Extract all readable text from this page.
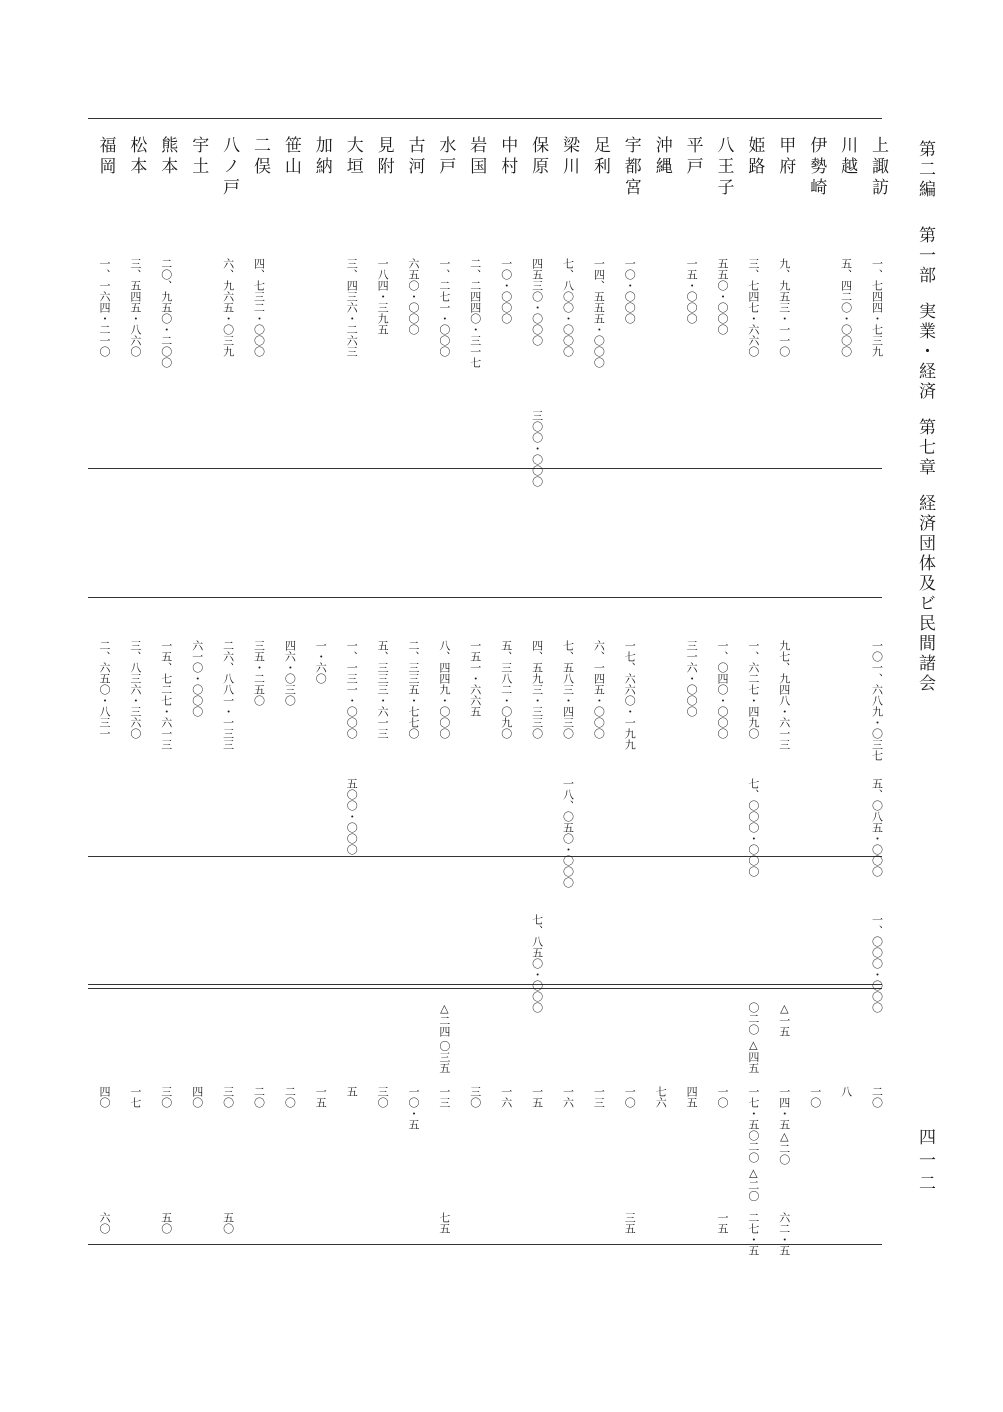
第二編第一部実業・経済第七章経済団体及ビ民間諸会
四一二
上諏訪
一、七四四・七三九
一〇一、六八九・〇三七
五、〇八五・〇〇〇
一、〇〇〇・〇〇〇
二〇
川越
五、四二〇・〇〇〇
八
伊勢崎
一〇
甲府
九、九五三・一一〇
九七、九四八・六一三
△一五
一四・五
△二〇
六二・五
姫路
三、七四七・六六〇
一、六二七・四九〇
七、〇〇〇・〇〇〇
〇二〇 △四五
一七・五
〇二〇 △二〇
二七・五
八王子
五五〇・〇〇〇
一、〇四〇・〇〇〇
一〇
一五
平戸
一五・〇〇〇
三一六・〇〇〇
四五
沖縄
七六
宇都宮
一〇・〇〇〇
一七、六六〇・一九九
一〇
三五
足利
一四、五五五・〇〇〇
六、一四五・〇〇〇
一三
梁川
七、八〇〇・〇〇〇
七、五八三・四三〇
一八、〇五〇・〇〇〇
一六
保原
四五三〇・〇〇〇
三〇〇・〇〇〇
四、五九三・三三〇
七、八五〇・〇〇〇
一五
中村
一〇・〇〇〇
五、三八二・〇九〇
一六
岩国
二、二四四〇・三一七
一五一・六六五
三〇
水戸
一、二七一・〇〇〇
八、四四九・〇〇〇
△二四 〇三五
一三
七五
古河
六五〇・〇〇〇
二、三三五・七七〇
一〇・五
見附
一八四・三九五
五、三三三・六一三
三〇
大垣
三、四三六・二六三
一、一三一・〇〇〇
五〇〇・〇〇〇
五
加納
一・六〇
一五
笹山
四六・〇三〇
二〇
二俣
四、七三二・〇〇〇
三五・二五〇
二〇
八ノ戸
六、九六五・〇三九
二六、八八一・一三三
三〇
五〇
宇土
六一〇・〇〇〇
四〇
熊本
二〇、九五〇・二〇〇
一五、七二七・六一三
三〇
五〇
松本
三、五四五・八六〇
三、八三六・三六〇
一七
福岡
一、一六四・二一〇
二、六五〇・八三一
四〇
六〇
